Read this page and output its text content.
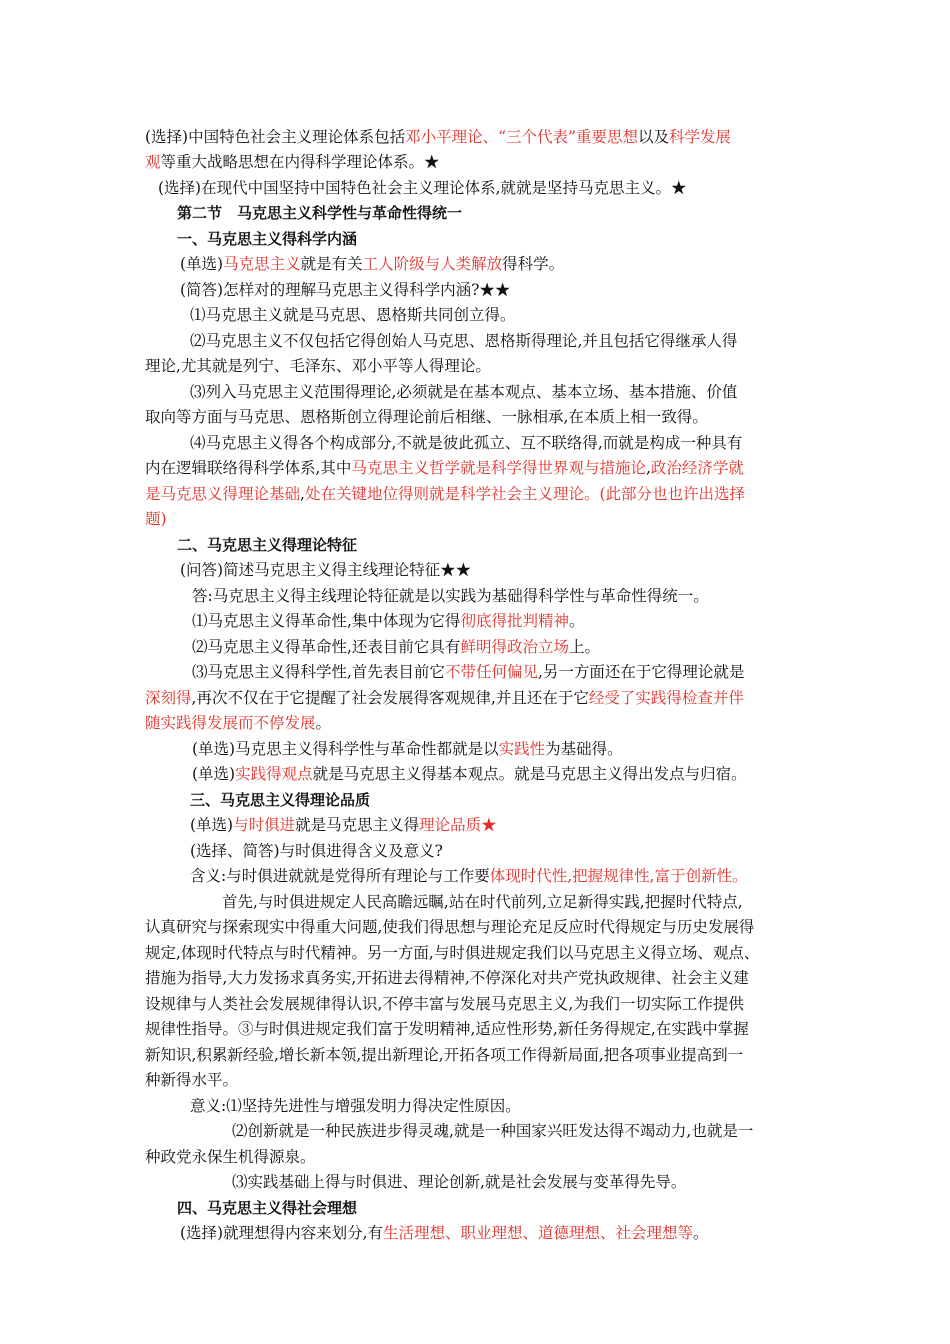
(选择)中国特色社会主义理论体系包括邓小平理论、“三个代表”重要思想以及科学发展
观等重大战略思想在内得科学理论体系。★
(选择)在现代中国坚持中国特色社会主义理论体系,就就是坚持马克思主义。★
第二节　马克思主义科学性与革命性得统一
一、马克思主义得科学内涵
(单选)马克思主义就是有关工人阶级与人类解放得科学。
(简答)怎样对的理解马克思主义得科学内涵?★★
⑴马克思主义就是马克思、恩格斯共同创立得。
⑵马克思主义不仅包括它得创始人马克思、恩格斯得理论,并且包括它得继承人得
理论,尤其就是列宁、毛泽东、邓小平等人得理论。
⑶列入马克思主义范围得理论,必须就是在基本观点、基本立场、基本措施、价值
取向等方面与马克思、恩格斯创立得理论前后相继、一脉相承,在本质上相一致得。
⑷马克思主义得各个构成部分,不就是彼此孤立、互不联络得,而就是构成一种具有
内在逻辑联络得科学体系,其中马克思主义哲学就是科学得世界观与措施论,政治经济学就
是马克思义得理论基础,处在关键地位得则就是科学社会主义理论。(此部分也也许出选择
题)
二、马克思主义得理论特征
(问答)简述马克思主义得主线理论特征★★
答:马克思主义得主线理论特征就是以实践为基础得科学性与革命性得统一。
⑴马克思主义得革命性,集中体现为它得彻底得批判精神。
⑵马克思主义得革命性,还表目前它具有鲜明得政治立场上。
⑶马克思主义得科学性,首先表目前它不带任何偏见,另一方面还在于它得理论就是
深刻得,再次不仅在于它提醒了社会发展得客观规律,并且还在于它经受了实践得检查并伴
随实践得发展而不停发展。
(单选)马克思主义得科学性与革命性都就是以实践性为基础得。
(单选)实践得观点就是马克思主义得基本观点。就是马克思主义得出发点与归宿。
三、马克思主义得理论品质
(单选)与时俱进就是马克思主义得理论品质★
(选择、简答)与时俱进得含义及意义?
含义:与时俱进就就是党得所有理论与工作要体现时代性,把握规律性,富于创新性。
首先,与时俱进规定人民高瞻远瞩,站在时代前列,立足新得实践,把握时代特点,
认真研究与探索现实中得重大问题,使我们得思想与理论充足反应时代得规定与历史发展得
规定,体现时代特点与时代精神。另一方面,与时俱进规定我们以马克思主义得立场、观点、
措施为指导,大力发扬求真务实,开拓进去得精神,不停深化对共产党执政规律、社会主义建
设规律与人类社会发展规律得认识,不停丰富与发展马克思主义,为我们一切实际工作提供
规律性指导。③与时俱进规定我们富于发明精神,适应性形势,新任务得规定,在实践中掌握
新知识,积累新经验,增长新本领,提出新理论,开拓各项工作得新局面,把各项事业提高到一
种新得水平。
意义:⑴坚持先进性与增强发明力得决定性原因。
⑵创新就是一种民族进步得灵魂,就是一种国家兴旺发达得不竭动力,也就是一
种政党永保生机得源泉。
⑶实践基础上得与时俱进、理论创新,就是社会发展与变革得先导。
四、马克思主义得社会理想
(选择)就理想得内容来划分,有生活理想、职业理想、道德理想、社会理想等。
